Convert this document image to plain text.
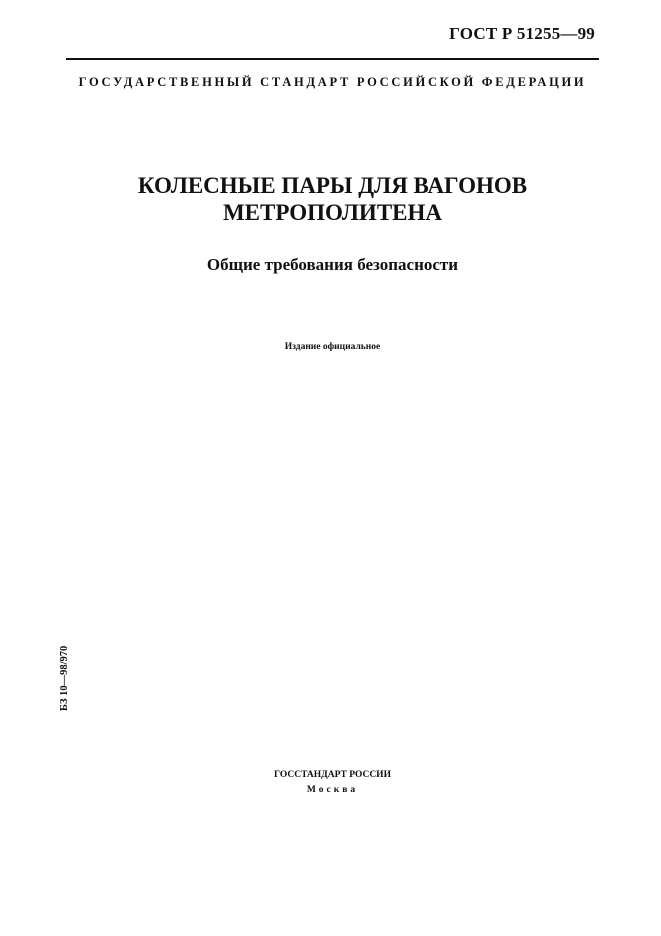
ГОСТ Р 51255—99
ГОСУДАРСТВЕННЫЙ СТАНДАРТ РОССИЙСКОЙ ФЕДЕРАЦИИ
КОЛЕСНЫЕ ПАРЫ ДЛЯ ВАГОНОВ
МЕТРОПОЛИТЕНА
Общие требования безопасности
Издание официальное
БЗ 10—98/970
ГОССТАНДАРТ РОССИИ
Москва
